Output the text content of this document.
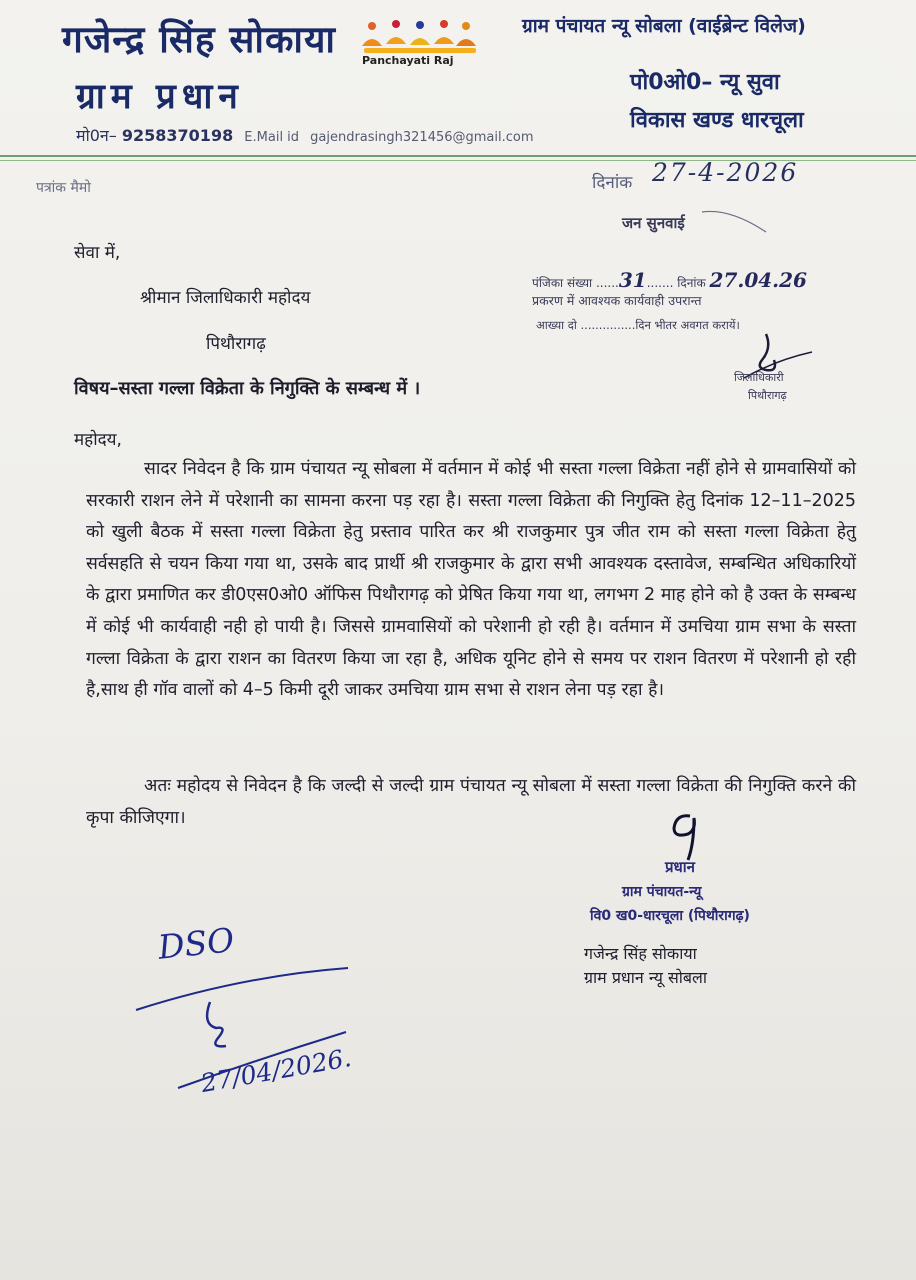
गजेन्द्र सिंह सोकाया
ग्राम प्रधान
Panchayati Raj
ग्राम पंचायत न्यू सोबला (वाईब्रेन्ट विलेज)
पो0ओ0– न्यू सुवा
विकास खण्ड धारचूला
मो0न– 9258370198 E.Mail id gajendrasingh321456@gmail.com
पत्रांक मैमो	दिनांक 27-4-2026
जन सुनवाई
पंजिका संख्या ......31....... दिनांक 27.04.26
प्रकरण में आवश्यक कार्यवाही उपरान्त
आख्या दो ...............दिन भीतर अवगत करायें।
जिलाधिकारी
पिथौरागढ़
सेवा में,
श्रीमान जिलाधिकारी महोदय
पिथौरागढ़
विषय–सस्ता गल्ला विक्रेता के निगुक्ति के सम्बन्ध में ।
महोदय,
सादर निवेदन है कि ग्राम पंचायत न्यू सोबला में वर्तमान में कोई भी सस्ता गल्ला विक्रेता नहीं होने से ग्रामवासियों को सरकारी राशन लेने में परेशानी का सामना करना पड़ रहा है। सस्ता गल्ला विक्रेता की निगुक्ति हेतु दिनांक 12–11–2025 को खुली बैठक में सस्ता गल्ला विक्रेता हेतु प्रस्ताव पारित कर श्री राजकुमार पुत्र जीत राम को सस्ता गल्ला विक्रेता हेतु सर्वसहति से चयन किया गया था, उसके बाद प्रार्थी श्री राजकुमार के द्वारा सभी आवश्यक दस्तावेज, सम्बन्धित अधिकारियों के द्वारा प्रमाणित कर डी0एस0ओ0 ऑफिस पिथौरागढ़ को प्रेषित किया गया था, लगभग 2 माह होने को है उक्त के सम्बन्ध में कोई भी कार्यवाही नही हो पायी है। जिससे ग्रामवासियों को परेशानी हो रही है। वर्तमान में उमचिया ग्राम सभा के सस्ता गल्ला विक्रेता के द्वारा राशन का वितरण किया जा रहा है, अधिक यूनिट होने से समय पर राशन वितरण में परेशानी हो रही है,साथ ही गॉव वालों को 4–5 किमी दूरी जाकर उमचिया ग्राम सभा से राशन लेना पड़ रहा है।
अतः महोदय से निवेदन है कि जल्दी से जल्दी ग्राम पंचायत न्यू सोबला में सस्ता गल्ला विक्रेता की निगुक्ति करने की कृपा कीजिएगा।
प्रधान
ग्राम पंचायत-न्यू
वि0 ख0-धारचूला (पिथौरागढ़)
गजेन्द्र सिंह सोकाया
ग्राम प्रधान न्यू सोबला
DSO
27/04/2026.
